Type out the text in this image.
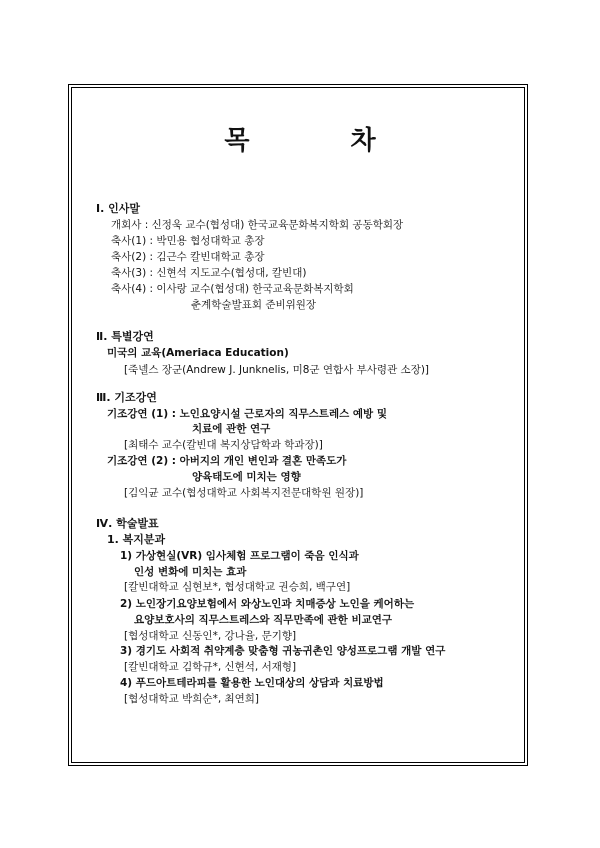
목 차
Ⅰ. 인사말
개회사 : 신정욱 교수(협성대) 한국교육문화복지학회 공동학회장
축사(1) : 박민용 협성대학교 총장
축사(2) : 김근수 칼빈대학교 총장
축사(3) : 신현석 지도교수(협성대, 칼빈대)
축사(4) : 이사랑 교수(협성대) 한국교육문화복지학회
춘계학술발표회 준비위원장
Ⅱ. 특별강연
미국의 교육(Ameriaca Education)
[죽넬스 장군(Andrew J. Junknelis, 미8군 연합사 부사령관 소장)]
Ⅲ. 기조강연
기조강연 (1) : 노인요양시설 근로자의 직무스트레스 예방 및
치료에 관한 연구
[최태수 교수(칼빈대 복지상담학과 학과장)]
기조강연 (2) : 아버지의 개인 변인과 결혼 만족도가
양육태도에 미치는 영향
[김익균 교수(협성대학교 사회복지전문대학원 원장)]
Ⅳ. 학술발표
1. 복지분과
1) 가상현실(VR) 임사체험 프로그램이 죽음 인식과
인성 변화에 미치는 효과
[칼빈대학교 심현보*, 협성대학교 권승희, 백구연]
2) 노인장기요양보험에서 와상노인과 치매증상 노인을 케어하는
요양보호사의 직무스트레스와 직무만족에 관한 비교연구
[협성대학교 신동인*, 강나율, 문기향]
3) 경기도 사회적 취약계층 맞춤형 귀농귀촌인 양성프로그램 개발 연구
[칼빈대학교 김학규*, 신현석, 서재형]
4) 푸드아트테라피를 활용한 노인대상의 상담과 치료방법
[협성대학교 박희순*, 최연희]
